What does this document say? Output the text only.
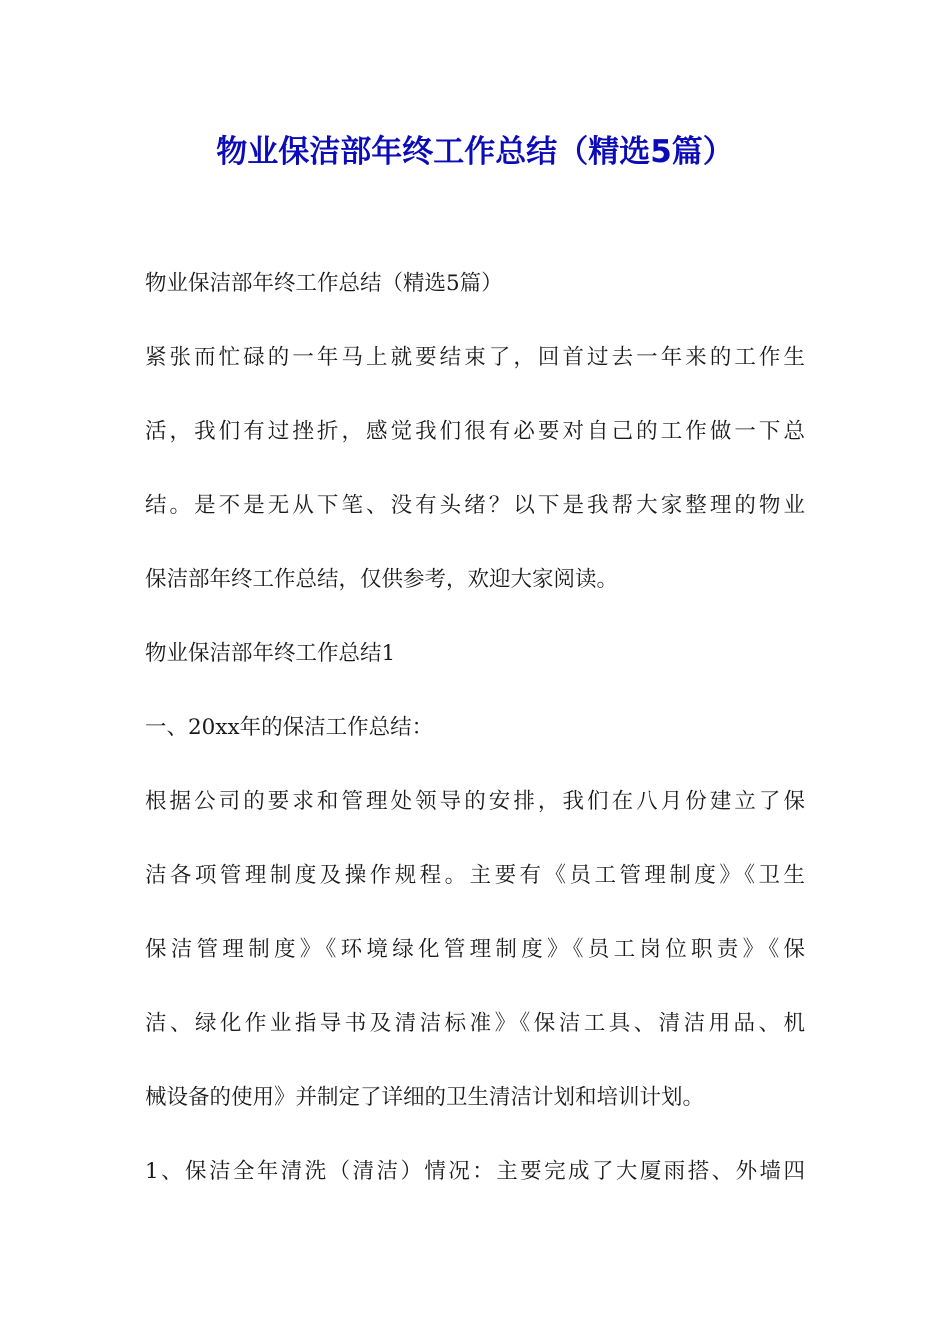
物业保洁部年终工作总结（精选5篇）
物业保洁部年终工作总结（精选5篇）
紧张而忙碌的一年马上就要结束了，回首过去一年来的工作生
活，我们有过挫折，感觉我们很有必要对自己的工作做一下总
结。是不是无从下笔、没有头绪？以下是我帮大家整理的物业
保洁部年终工作总结，仅供参考，欢迎大家阅读。
物业保洁部年终工作总结1
一、20xx年的保洁工作总结：
根据公司的要求和管理处领导的安排，我们在八月份建立了保
洁各项管理制度及操作规程。主要有《员工管理制度》《卫生
保洁管理制度》《环境绿化管理制度》《员工岗位职责》《保
洁、绿化作业指导书及清洁标准》《保洁工具、清洁用品、机
械设备的使用》并制定了详细的卫生清洁计划和培训计划。
1、保洁全年清洗（清洁）情况：主要完成了大厦雨搭、外墙四
